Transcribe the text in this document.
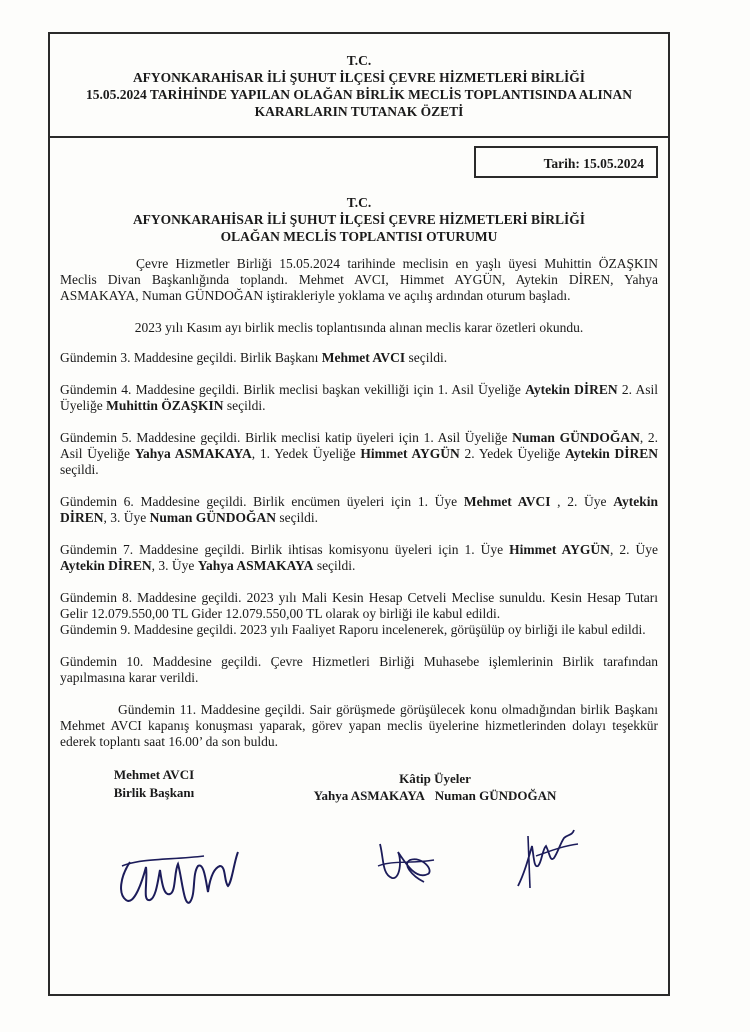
T.C.
AFYONKARAHİSAR İLİ ŞUHUT İLÇESİ ÇEVRE HİZMETLERİ BİRLİĞİ
15.05.2024 TARİHİNDE YAPILAN OLAĞAN BİRLİK MECLİS TOPLANTISINDA ALINAN
KARARLARIN TUTANAK ÖZETİ
Tarih: 15.05.2024
T.C.
AFYONKARAHİSAR İLİ ŞUHUT İLÇESİ ÇEVRE HİZMETLERİ BİRLİĞİ
OLAĞAN MECLİS TOPLANTISI OTURUMU

Çevre Hizmetler Birliği 15.05.2024 tarihinde meclisin en yaşlı üyesi Muhittin ÖZAŞKIN Meclis Divan Başkanlığında toplandı. Mehmet AVCI, Himmet AYGÜN, Aytekin DİREN, Yahya ASMAKAYA, Numan GÜNDOĞAN iştirakleriyle yoklama ve açılış ardından oturum başladı.

2023 yılı Kasım ayı birlik meclis toplantısında alınan meclis karar özetleri okundu.

Gündemin 3. Maddesine geçildi. Birlik Başkanı Mehmet AVCI seçildi.

Gündemin 4. Maddesine geçildi. Birlik meclisi başkan vekilliği için 1. Asil Üyeliğe Aytekin DİREN 2. Asil Üyeliğe Muhittin ÖZAŞKIN seçildi.

Gündemin 5. Maddesine geçildi. Birlik meclisi katip üyeleri için 1. Asil Üyeliğe Numan GÜNDOĞAN, 2. Asil Üyeliğe Yahya ASMAKAYA, 1. Yedek Üyeliğe Himmet AYGÜN 2. Yedek Üyeliğe Aytekin DİREN seçildi.

Gündemin 6. Maddesine geçildi. Birlik encümen üyeleri için 1. Üye Mehmet AVCI , 2. Üye Aytekin DİREN, 3. Üye Numan GÜNDOĞAN seçildi.

Gündemin 7. Maddesine geçildi. Birlik ihtisas komisyonu üyeleri için 1. Üye Himmet AYGÜN, 2. Üye Aytekin DİREN, 3. Üye Yahya ASMAKAYA seçildi.

Gündemin 8. Maddesine geçildi. 2023 yılı Mali Kesin Hesap Cetveli Meclise sunuldu. Kesin Hesap Tutarı Gelir 12.079.550,00 TL Gider 12.079.550,00 TL olarak oy birliği ile kabul edildi.

Gündemin 9. Maddesine geçildi. 2023 yılı Faaliyet Raporu incelenerek, görüşülüp oy birliği ile kabul edildi.

Gündemin 10. Maddesine geçildi. Çevre Hizmetleri Birliği Muhasebe işlemlerinin Birlik tarafından yapılmasına karar verildi.

Gündemin 11. Maddesine geçildi. Sair görüşmede görüşülecek konu olmadığından birlik Başkanı Mehmet AVCI kapanış konuşması yaparak, görev yapan meclis üyelerine hizmetlerinden dolayı teşekkür ederek toplantı saat 16.00’ da son buldu.

Mehmet AVCI
Birlik Başkanı
Kâtip Üyeler
Yahya ASMAKAYA Numan GÜNDOĞAN
